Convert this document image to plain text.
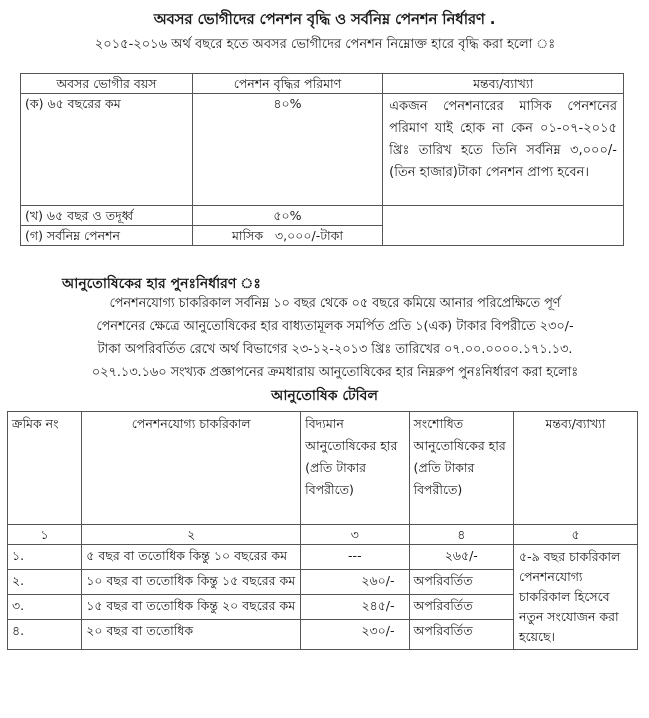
অবসর ভোগীদের পেনশন বৃদ্ধি ও সর্বনিম্ন পেনশন নির্ধারণ .
২০১৫-২০১৬ অর্থ বছরে হতে অবসর ভোগীদের পেনশন নিম্নোক্ত হারে বৃদ্ধি করা হলো ঃ
অবসর ভোগীর বয়স	পেনশন বৃদ্ধির পরিমাণ	মন্তব্য/ব্যাখ্যা
(ক) ৬৫ বছরের কম	৪০%	একজন পেনশনারের মাসিক পেনশনের পরিমাণ যাই হোক না কেন ০১-০৭-২০১৫ খ্রিঃ তারিখ হতে তিনি সর্বনিম্ন ৩,০০০/-(তিন হাজার)টাকা পেনশন প্রাপ্য হবেন।
(খ) ৬৫ বছর ও তদূর্ধ্ব	৫০%	
(গ) সর্বনিম্ন পেনশন	মাসিক   ৩,০০০/-টাকা	
আনুতোষিকের হার পুনঃনির্ধারণ ঃ
পেনশনযোগ্য চাকরিকাল সর্বনিম্ন ১০ বছর থেকে ০৫ বছরে কমিয়ে আনার পরিপ্রেক্ষিতে পূর্ণ
পেনশনের ক্ষেত্রে আনুতোষিকের হার বাধ্যতামূলক সমর্পিত প্রতি ১(এক) টাকার বিপরীতে ২৩০/-
টাকা অপরিবর্তিত রেখে অর্থ বিভাগের ২৩-১২-২০১৩ খ্রিঃ তারিখের ০৭.০০.০০০০.১৭১.১৩.
০২৭.১৩.১৬০ সংখ্যক প্রজ্ঞাপনের ক্রমধারায় আনুতোষিকের হার নিম্নরুপ পুনঃনির্ধারণ করা হলোঃ
আনুতোষিক টেবিল
ক্রমিক নং	পেনশনযোগ্য চাকরিকাল	বিদ্যমান আনুতোষিকের হার (প্রতি টাকার বিপরীতে)	সংশোধিত আনুতোষিকের হার (প্রতি টাকার বিপরীতে)	মন্তব্য/ব্যাখ্যা
১	২	৩	৪	৫
১.	৫ বছর বা ততোধিক কিন্তু ১০ বছরের কম	---	২৬৫/-	৫-৯ বছর চাকরিকাল পেনশনযোগ্য চাকরিকাল হিসেবে নতুন সংযোজন করা হয়েছে।
২.	১০ বছর বা ততোধিক কিন্তু ১৫ বছরের কম	২৬০/-	অপরিবর্তিত	
৩.	১৫ বছর বা ততোধিক কিন্তু ২০ বছরের কম	২৪৫/-	অপরিবর্তিত	
৪.	২০ বছর বা ততোধিক	২৩০/-	অপরিবর্তিত	
